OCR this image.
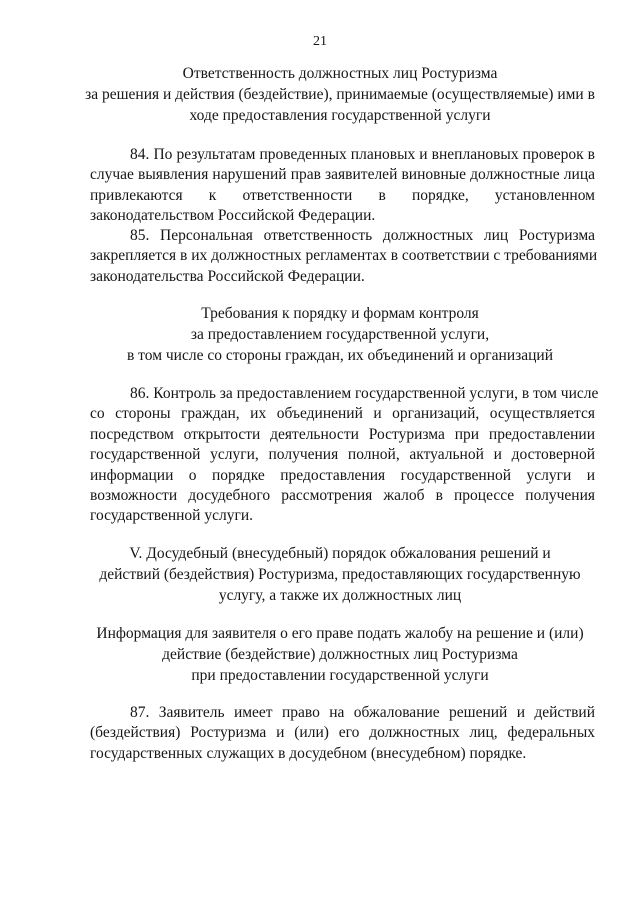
21
Ответственность должностных лиц Ростуризма
за решения и действия (бездействие), принимаемые (осуществляемые) ими в
ходе предоставления государственной услуги
84. По результатам проведенных плановых и внеплановых проверок в
случае выявления нарушений прав заявителей виновные должностные лица
привлекаются к ответственности в порядке, установленном
законодательством Российской Федерации.
85. Персональная ответственность должностных лиц Ростуризма
закрепляется в их должностных регламентах в соответствии с требованиями
законодательства Российской Федерации.
Требования к порядку и формам контроля
за предоставлением государственной услуги,
в том числе со стороны граждан, их объединений и организаций
86. Контроль за предоставлением государственной услуги, в том числе
со стороны граждан, их объединений и организаций, осуществляется
посредством открытости деятельности Ростуризма при предоставлении
государственной услуги, получения полной, актуальной и достоверной
информации о порядке предоставления государственной услуги и
возможности досудебного рассмотрения жалоб в процессе получения
государственной услуги.
V. Досудебный (внесудебный) порядок обжалования решений и
действий (бездействия) Ростуризма, предоставляющих государственную
услугу, а также их должностных лиц
Информация для заявителя о его праве подать жалобу на решение и (или)
действие (бездействие) должностных лиц Ростуризма
при предоставлении государственной услуги
87. Заявитель имеет право на обжалование решений и действий
(бездействия) Ростуризма и (или) его должностных лиц, федеральных
государственных служащих в досудебном (внесудебном) порядке.
